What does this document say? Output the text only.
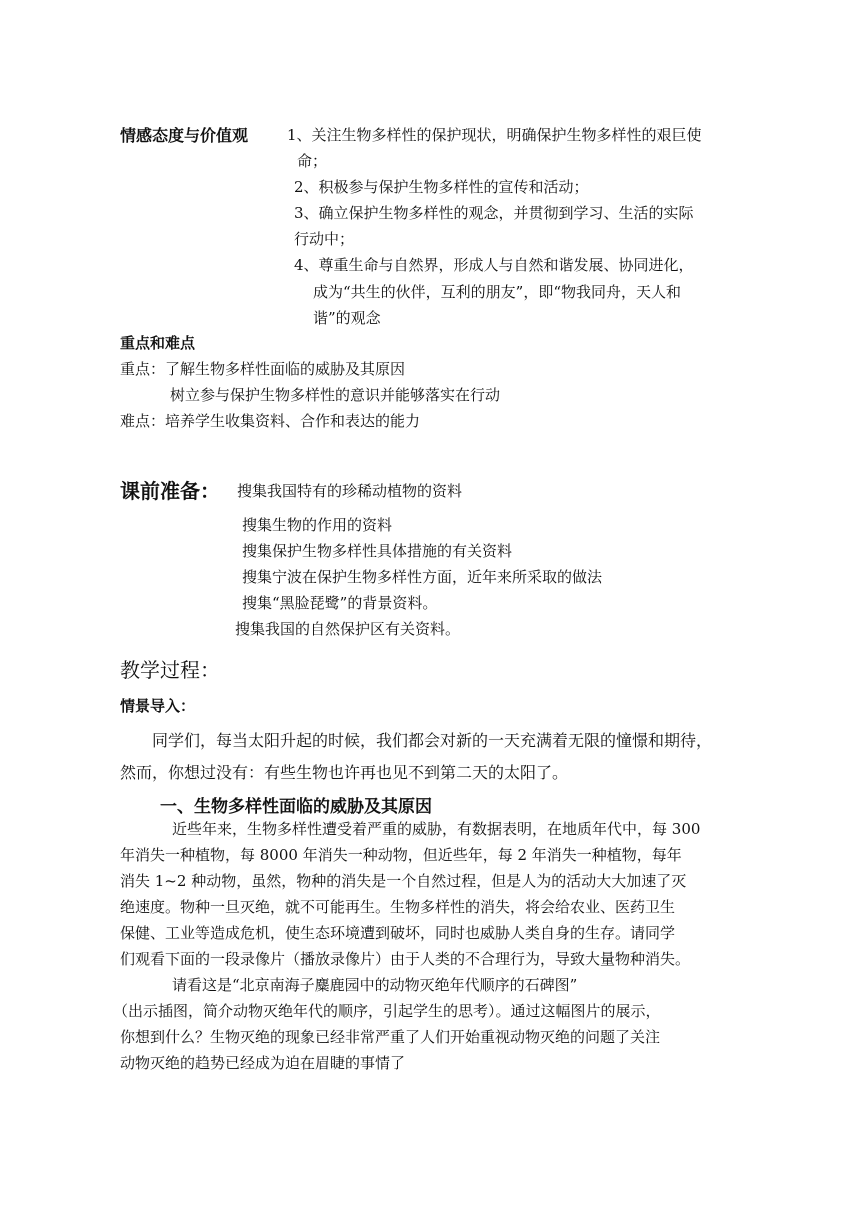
情感态度与价值观	1、关注生物多样性的保护现状，明确保护生物多样性的艰巨使
命；
2、积极参与保护生物多样性的宣传和活动；
3、确立保护生物多样性的观念，并贯彻到学习、生活的实际
行动中；
4、尊重生命与自然界，形成人与自然和谐发展、协同进化，
成为“共生的伙伴，互利的朋友”，即“物我同舟，天人和
谐”的观念
重点和难点
重点：了解生物多样性面临的威胁及其原因
树立参与保护生物多样性的意识并能够落实在行动
难点：培养学生收集资料、合作和表达的能力
课前准备： 搜集我国特有的珍稀动植物的资料
搜集生物的作用的资料
搜集保护生物多样性具体措施的有关资料
搜集宁波在保护生物多样性方面，近年来所采取的做法
搜集“黑脸琵鹭”的背景资料。
搜集我国的自然保护区有关资料。
教学过程：
情景导入：
同学们，每当太阳升起的时候，我们都会对新的一天充满着无限的憧憬和期待，
然而，你想过没有：有些生物也许再也见不到第二天的太阳了。
一、生物多样性面临的威胁及其原因
近些年来，生物多样性遭受着严重的威胁，有数据表明，在地质年代中，每 300
年消失一种植物，每 8000 年消失一种动物，但近些年，每 2 年消失一种植物，每年
消失 1~2 种动物，虽然，物种的消失是一个自然过程，但是人为的活动大大加速了灭
绝速度。物种一旦灭绝，就不可能再生。生物多样性的消失，将会给农业、医药卫生
保健、工业等造成危机，使生态环境遭到破坏，同时也威胁人类自身的生存。请同学
们观看下面的一段录像片（播放录像片）由于人类的不合理行为，导致大量物种消失。
请看这是“北京南海子麋鹿园中的动物灭绝年代顺序的石碑图”
（出示插图，简介动物灭绝年代的顺序，引起学生的思考）。通过这幅图片的展示，
你想到什么？生物灭绝的现象已经非常严重了人们开始重视动物灭绝的问题了关注
动物灭绝的趋势已经成为迫在眉睫的事情了
